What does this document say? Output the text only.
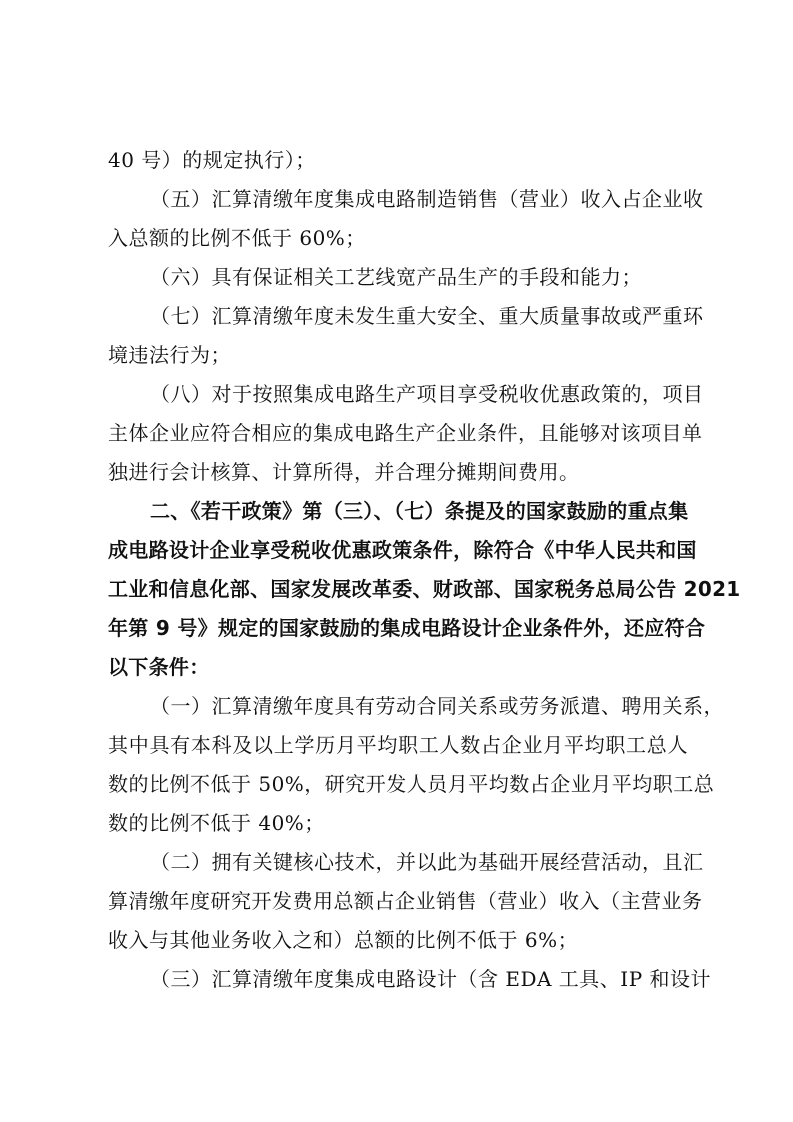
40 号）的规定执行）；
（五）汇算清缴年度集成电路制造销售（营业）收入占企业收
入总额的比例不低于 60%；
（六）具有保证相关工艺线宽产品生产的手段和能力；
（七）汇算清缴年度未发生重大安全、重大质量事故或严重环
境违法行为；
（八）对于按照集成电路生产项目享受税收优惠政策的，项目
主体企业应符合相应的集成电路生产企业条件，且能够对该项目单
独进行会计核算、计算所得，并合理分摊期间费用。
二、《若干政策》第（三）、（七）条提及的国家鼓励的重点集
成电路设计企业享受税收优惠政策条件，除符合《中华人民共和国
工业和信息化部、国家发展改革委、财政部、国家税务总局公告 2021
年第 9 号》规定的国家鼓励的集成电路设计企业条件外，还应符合
以下条件：
（一）汇算清缴年度具有劳动合同关系或劳务派遣、聘用关系，
其中具有本科及以上学历月平均职工人数占企业月平均职工总人
数的比例不低于 50%，研究开发人员月平均数占企业月平均职工总
数的比例不低于 40%；
（二）拥有关键核心技术，并以此为基础开展经营活动，且汇
算清缴年度研究开发费用总额占企业销售（营业）收入（主营业务
收入与其他业务收入之和）总额的比例不低于 6%；
（三）汇算清缴年度集成电路设计（含 EDA 工具、IP 和设计
